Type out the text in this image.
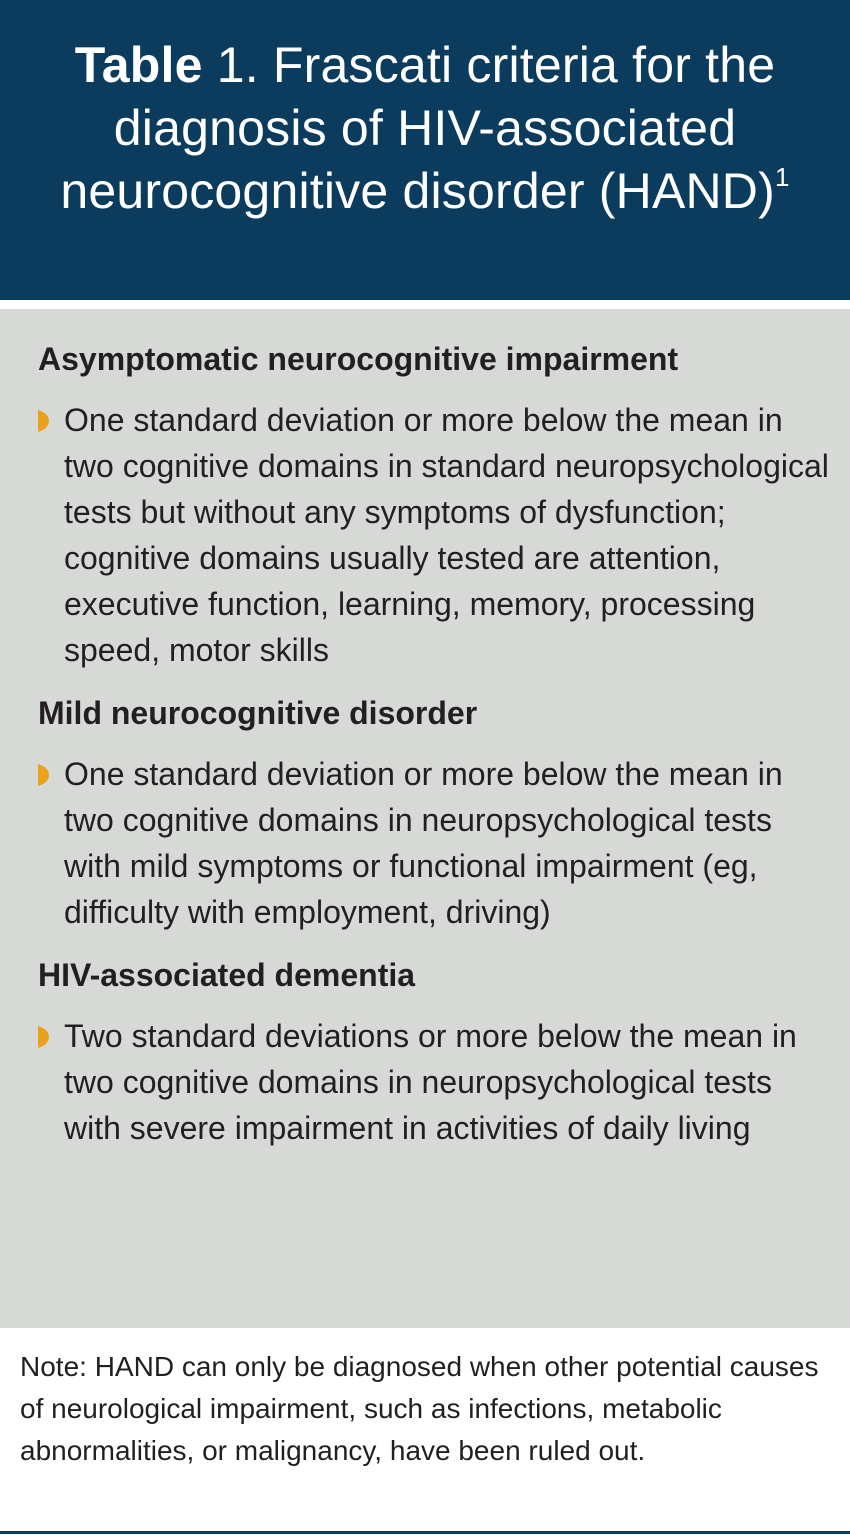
Table 1. Frascati criteria for the diagnosis of HIV-associated neurocognitive disorder (HAND)$^1$
Asymptomatic neurocognitive impairment
One standard deviation or more below the mean in two cognitive domains in standard neuropsychological tests but without any symptoms of dysfunction; cognitive domains usually tested are attention, executive function, learning, memory, processing speed, motor skills
Mild neurocognitive disorder
One standard deviation or more below the mean in two cognitive domains in neuropsychological tests with mild symptoms or functional impairment (eg, difficulty with employment, driving)
HIV-associated dementia
Two standard deviations or more below the mean in two cognitive domains in neuropsychological tests with severe impairment in activities of daily living

Note: HAND can only be diagnosed when other potential causes of neurological impairment, such as infections, metabolic abnormalities, or malignancy, have been ruled out.
